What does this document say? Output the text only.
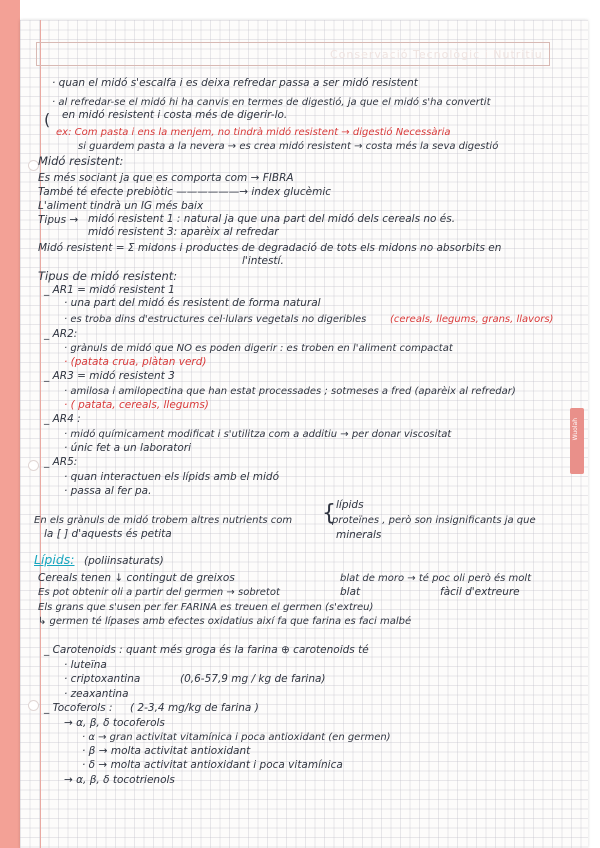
Conservació Tecnològic i Nutritiu
Wuolah
· quan el midó s'escalfa i es deixa refredar passa a ser midó resistent
· al refredar-se el midó hi ha canvis en termes de digestió, ja que el midó s'ha convertit
( en midó resistent i costa més de digerir-lo.
ex: Com pasta i ens la menjem, no tindrà midó resistent → digestió Necessària
si guardem pasta a la nevera → es crea midó resistent → costa més la seva digestió
Midó resistent:
Es més sociant ja que es comporta com → FIBRA
També té efecte prebiòtic ——————→ index glucèmic
L'aliment tindrà un IG més baix
Tipus → midó resistent 1 : natural ja que una part del midó dels cereals no és.
midó resistent 3: aparèix al refredar
Midó resistent = Σ midons i productes de degradació de tots els midons no absorbits en
l'intestí.
Tipus de midó resistent:
_ AR1 = midó resistent 1
· una part del midó és resistent de forma natural
· es troba dins d'estructures cel·lulars vegetals no digeribles (cereals, llegums, grans, llavors)
_ AR2:
· grànuls de midó que NO es poden digerir : es troben en l'aliment compactat
· (patata crua, plàtan verd)
_ AR3 = midó resistent 3
· amilosa i amilopectina que han estat processades ; sotmeses a fred (aparèix al refredar)
· ( patata, cereals, llegums)
_ AR4 :
· midó químicament modificat i s'utilitza com a additiu → per donar viscositat
· únic fet a un laboratori
_ AR5:
· quan interactuen els lípids amb el midó
· passa al fer pa.
lípids
En els grànuls de midó trobem altres nutrients com {
proteïnes , però son insignificants ja que
la [ ] d'aquests és petita	minerals
Lípids: (poliinsaturats)
Cereals tenen ↓ contingut de greixos	blat de moro → té poc oli però és molt
Es pot obtenir oli a partir del germen → sobretot	blat	fàcil d'extreure
Els grans que s'usen per fer FARINA es treuen el germen (s'extreu)
↳ germen té lípases amb efectes oxidatius així fa que farina es faci malbé
_ Carotenoids : quant més groga és la farina ⊕ carotenoids té
· luteïna
· criptoxantina	(0,6-57,9 mg / kg de farina)
· zeaxantina
_ Tocoferols : ( 2-3,4 mg/kg de farina )
→ α, β, δ tocoferols
· α → gran activitat vitamínica i poca antioxidant (en germen)
· β → molta activitat antioxidant
· δ → molta activitat antioxidant i poca vitamínica
→ α, β, δ tocotrienols
